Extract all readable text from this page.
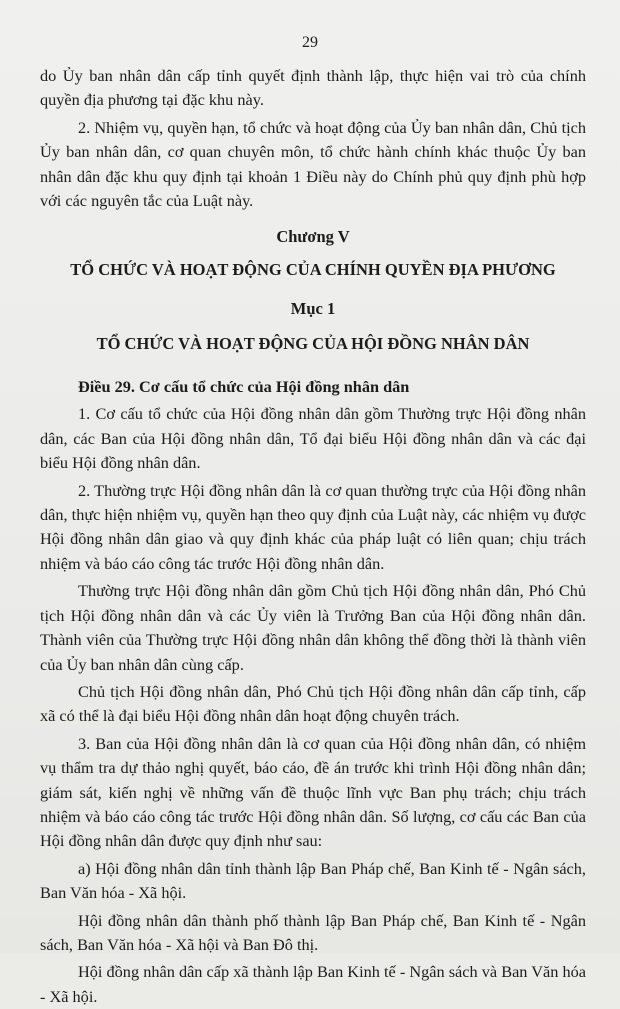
29

do Ủy ban nhân dân cấp tỉnh quyết định thành lập, thực hiện vai trò của chính quyền địa phương tại đặc khu này.

2. Nhiệm vụ, quyền hạn, tổ chức và hoạt động của Ủy ban nhân dân, Chủ tịch Ủy ban nhân dân, cơ quan chuyên môn, tổ chức hành chính khác thuộc Ủy ban nhân dân đặc khu quy định tại khoản 1 Điều này do Chính phủ quy định phù hợp với các nguyên tắc của Luật này.

Chương V
TỔ CHỨC VÀ HOẠT ĐỘNG CỦA CHÍNH QUYỀN ĐỊA PHƯƠNG
Mục 1
TỔ CHỨC VÀ HOẠT ĐỘNG CỦA HỘI ĐỒNG NHÂN DÂN
Điều 29. Cơ cấu tổ chức của Hội đồng nhân dân

1. Cơ cấu tổ chức của Hội đồng nhân dân gồm Thường trực Hội đồng nhân dân, các Ban của Hội đồng nhân dân, Tổ đại biểu Hội đồng nhân dân và các đại biểu Hội đồng nhân dân.

2. Thường trực Hội đồng nhân dân là cơ quan thường trực của Hội đồng nhân dân, thực hiện nhiệm vụ, quyền hạn theo quy định của Luật này, các nhiệm vụ được Hội đồng nhân dân giao và quy định khác của pháp luật có liên quan; chịu trách nhiệm và báo cáo công tác trước Hội đồng nhân dân.

Thường trực Hội đồng nhân dân gồm Chủ tịch Hội đồng nhân dân, Phó Chủ tịch Hội đồng nhân dân và các Ủy viên là Trưởng Ban của Hội đồng nhân dân. Thành viên của Thường trực Hội đồng nhân dân không thể đồng thời là thành viên của Ủy ban nhân dân cùng cấp.

Chủ tịch Hội đồng nhân dân, Phó Chủ tịch Hội đồng nhân dân cấp tỉnh, cấp xã có thể là đại biểu Hội đồng nhân dân hoạt động chuyên trách.

3. Ban của Hội đồng nhân dân là cơ quan của Hội đồng nhân dân, có nhiệm vụ thẩm tra dự thảo nghị quyết, báo cáo, đề án trước khi trình Hội đồng nhân dân; giám sát, kiến nghị về những vấn đề thuộc lĩnh vực Ban phụ trách; chịu trách nhiệm và báo cáo công tác trước Hội đồng nhân dân. Số lượng, cơ cấu các Ban của Hội đồng nhân dân được quy định như sau:

a) Hội đồng nhân dân tỉnh thành lập Ban Pháp chế, Ban Kinh tế - Ngân sách, Ban Văn hóa - Xã hội.

Hội đồng nhân dân thành phố thành lập Ban Pháp chế, Ban Kinh tế - Ngân sách, Ban Văn hóa - Xã hội và Ban Đô thị.

Hội đồng nhân dân cấp xã thành lập Ban Kinh tế - Ngân sách và Ban Văn hóa - Xã hội.
